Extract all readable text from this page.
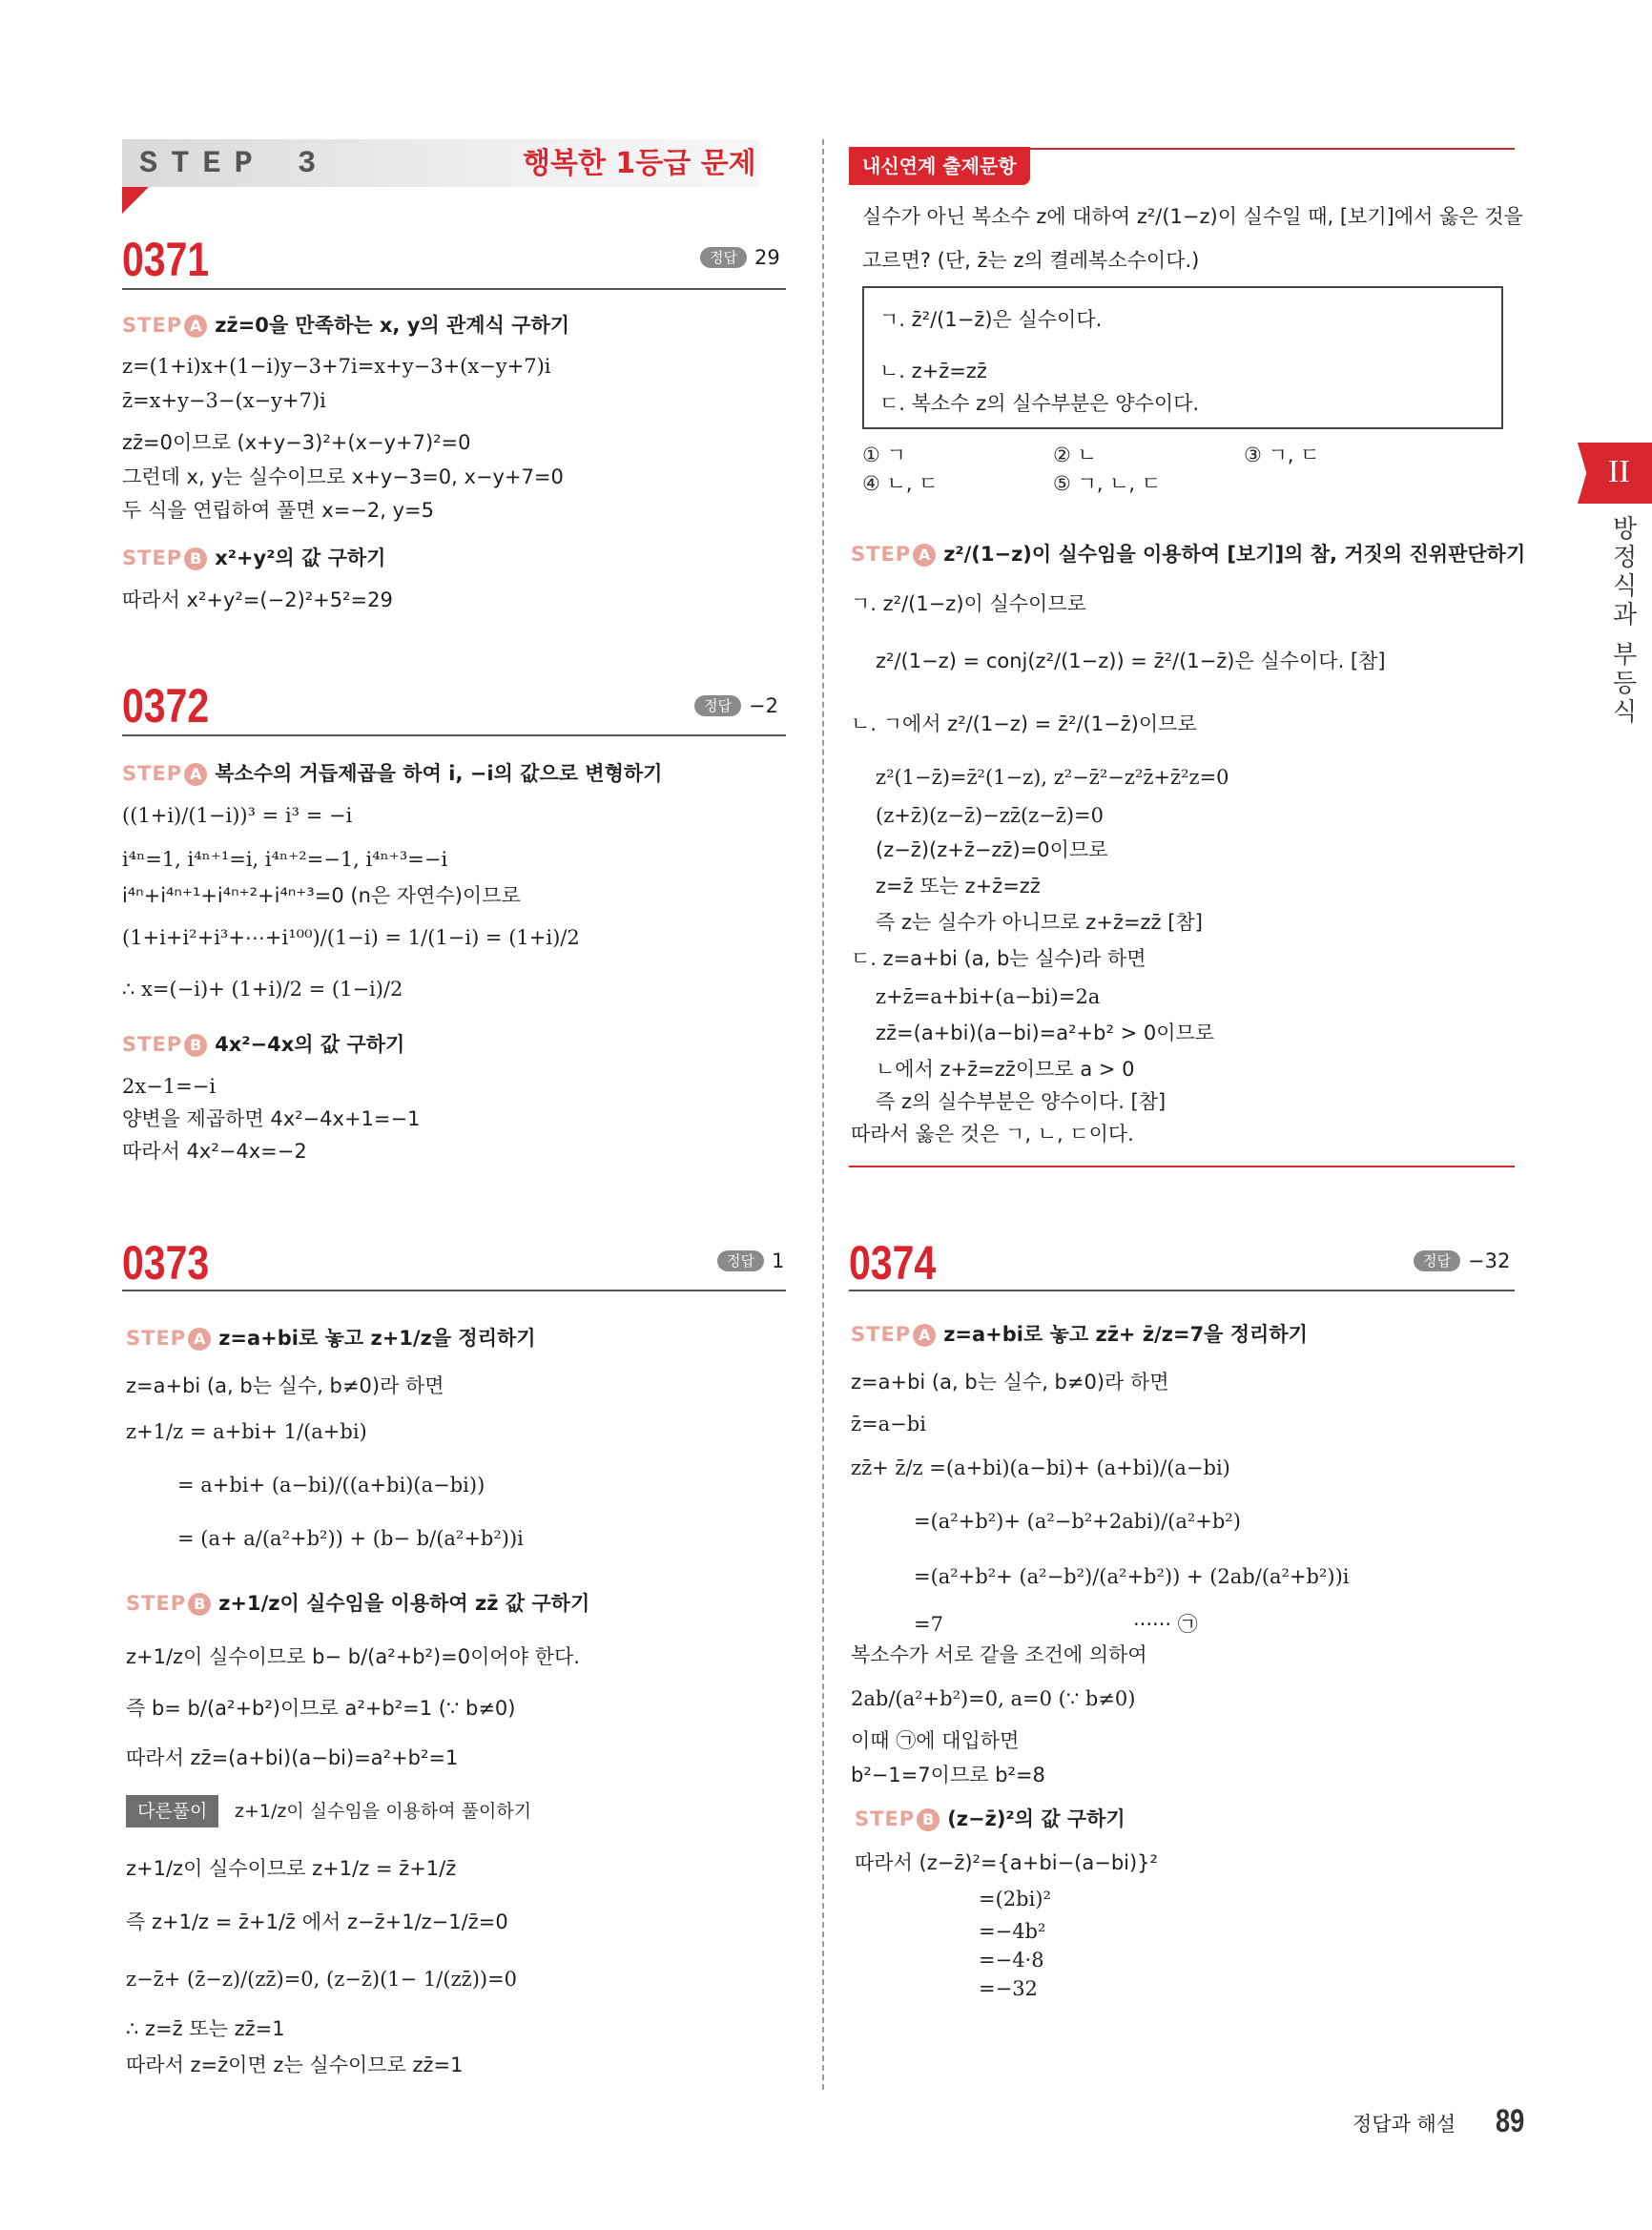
STEP 3	행복한 1등급 문제
0371	정답 29
STEP A zz̄=0을 만족하는 x, y의 관계식 구하기
z=(1+i)x+(1−i)y−3+7i=x+y−3+(x−y+7)i
z̄=x+y−3−(x−y+7)i
zz̄=0이므로 (x+y−3)²+(x−y+7)²=0
그런데 x, y는 실수이므로 x+y−3=0, x−y+7=0
두 식을 연립하여 풀면 x=−2, y=5
STEP B x²+y²의 값 구하기
따라서 x²+y²=(−2)²+5²=29
0372	정답 −2
STEP A 복소수의 거듭제곱을 하여 i, −i의 값으로 변형하기
((1+i)/(1−i))³ = i³ = −i
i⁴ⁿ=1, i⁴ⁿ⁺¹=i, i⁴ⁿ⁺²=−1, i⁴ⁿ⁺³=−i
i⁴ⁿ+i⁴ⁿ⁺¹+i⁴ⁿ⁺²+i⁴ⁿ⁺³=0 (n은 자연수)이므로
(1+i+i²+i³+⋯+i¹⁰⁰)/(1−i) = 1/(1−i) = (1+i)/2
∴ x=(−i)+ (1+i)/2 = (1−i)/2
STEP B 4x²−4x의 값 구하기
2x−1=−i
양변을 제곱하면 4x²−4x+1=−1
따라서 4x²−4x=−2
0373	정답 1
STEP A z=a+bi로 놓고 z+1/z을 정리하기
z=a+bi (a, b는 실수, b≠0)라 하면
z+1/z = a+bi+ 1/(a+bi)
= a+bi+ (a−bi)/((a+bi)(a−bi))
= (a+ a/(a²+b²)) + (b− b/(a²+b²))i
STEP B z+1/z이 실수임을 이용하여 zz̄ 값 구하기
z+1/z이 실수이므로 b− b/(a²+b²)=0이어야 한다.
즉 b= b/(a²+b²)이므로 a²+b²=1 (∵ b≠0)
따라서 zz̄=(a+bi)(a−bi)=a²+b²=1
다른풀이	z+1/z이 실수임을 이용하여 풀이하기
z+1/z이 실수이므로 z+1/z = z̄+1/z̄
즉 z+1/z = z̄+1/z̄ 에서 z−z̄+1/z−1/z̄=0
z−z̄+ (z̄−z)/(zz̄)=0, (z−z̄)(1− 1/(zz̄))=0
∴ z=z̄ 또는 zz̄=1
따라서 z=z̄이면 z는 실수이므로 zz̄=1
내신연계 출제문항
실수가 아닌 복소수 z에 대하여 z²/(1−z)이 실수일 때, [보기]에서 옳은 것을
고르면? (단, z̄는 z의 켤레복소수이다.)
ㄱ. z̄²/(1−z̄)은 실수이다.
ㄴ. z+z̄=zz̄
ㄷ. 복소수 z의 실수부분은 양수이다.
① ㄱ	② ㄴ	③ ㄱ, ㄷ
④ ㄴ, ㄷ	⑤ ㄱ, ㄴ, ㄷ
STEP A z²/(1−z)이 실수임을 이용하여 [보기]의 참, 거짓의 진위판단하기
ㄱ. z²/(1−z)이 실수이므로
z²/(1−z) = conj(z²/(1−z)) = z̄²/(1−z̄)은 실수이다. [참]
ㄴ. ㄱ에서 z²/(1−z) = z̄²/(1−z̄)이므로
z²(1−z̄)=z̄²(1−z), z²−z̄²−z²z̄+z̄²z=0
(z+z̄)(z−z̄)−zz̄(z−z̄)=0
(z−z̄)(z+z̄−zz̄)=0이므로
z=z̄ 또는 z+z̄=zz̄
즉 z는 실수가 아니므로 z+z̄=zz̄ [참]
ㄷ. z=a+bi (a, b는 실수)라 하면
z+z̄=a+bi+(a−bi)=2a
zz̄=(a+bi)(a−bi)=a²+b² > 0이므로
ㄴ에서 z+z̄=zz̄이므로 a > 0
즉 z의 실수부분은 양수이다. [참]
따라서 옳은 것은 ㄱ, ㄴ, ㄷ이다.
0374	정답 −32
STEP A z=a+bi로 놓고 zz̄+ z̄/z=7을 정리하기
z=a+bi (a, b는 실수, b≠0)라 하면
z̄=a−bi
zz̄+ z̄/z =(a+bi)(a−bi)+ (a+bi)/(a−bi)
=(a²+b²)+ (a²−b²+2abi)/(a²+b²)
=(a²+b²+ (a²−b²)/(a²+b²)) + (2ab/(a²+b²))i
=7	······ ㉠
복소수가 서로 같을 조건에 의하여
2ab/(a²+b²)=0, a=0 (∵ b≠0)
이때 ㉠에 대입하면
b²−1=7이므로 b²=8
STEP B (z−z̄)²의 값 구하기
따라서 (z−z̄)²={a+bi−(a−bi)}²
=(2bi)²
=−4b²
=−4·8
=−32
II
방정식과 부등식
정답과 해설 89
